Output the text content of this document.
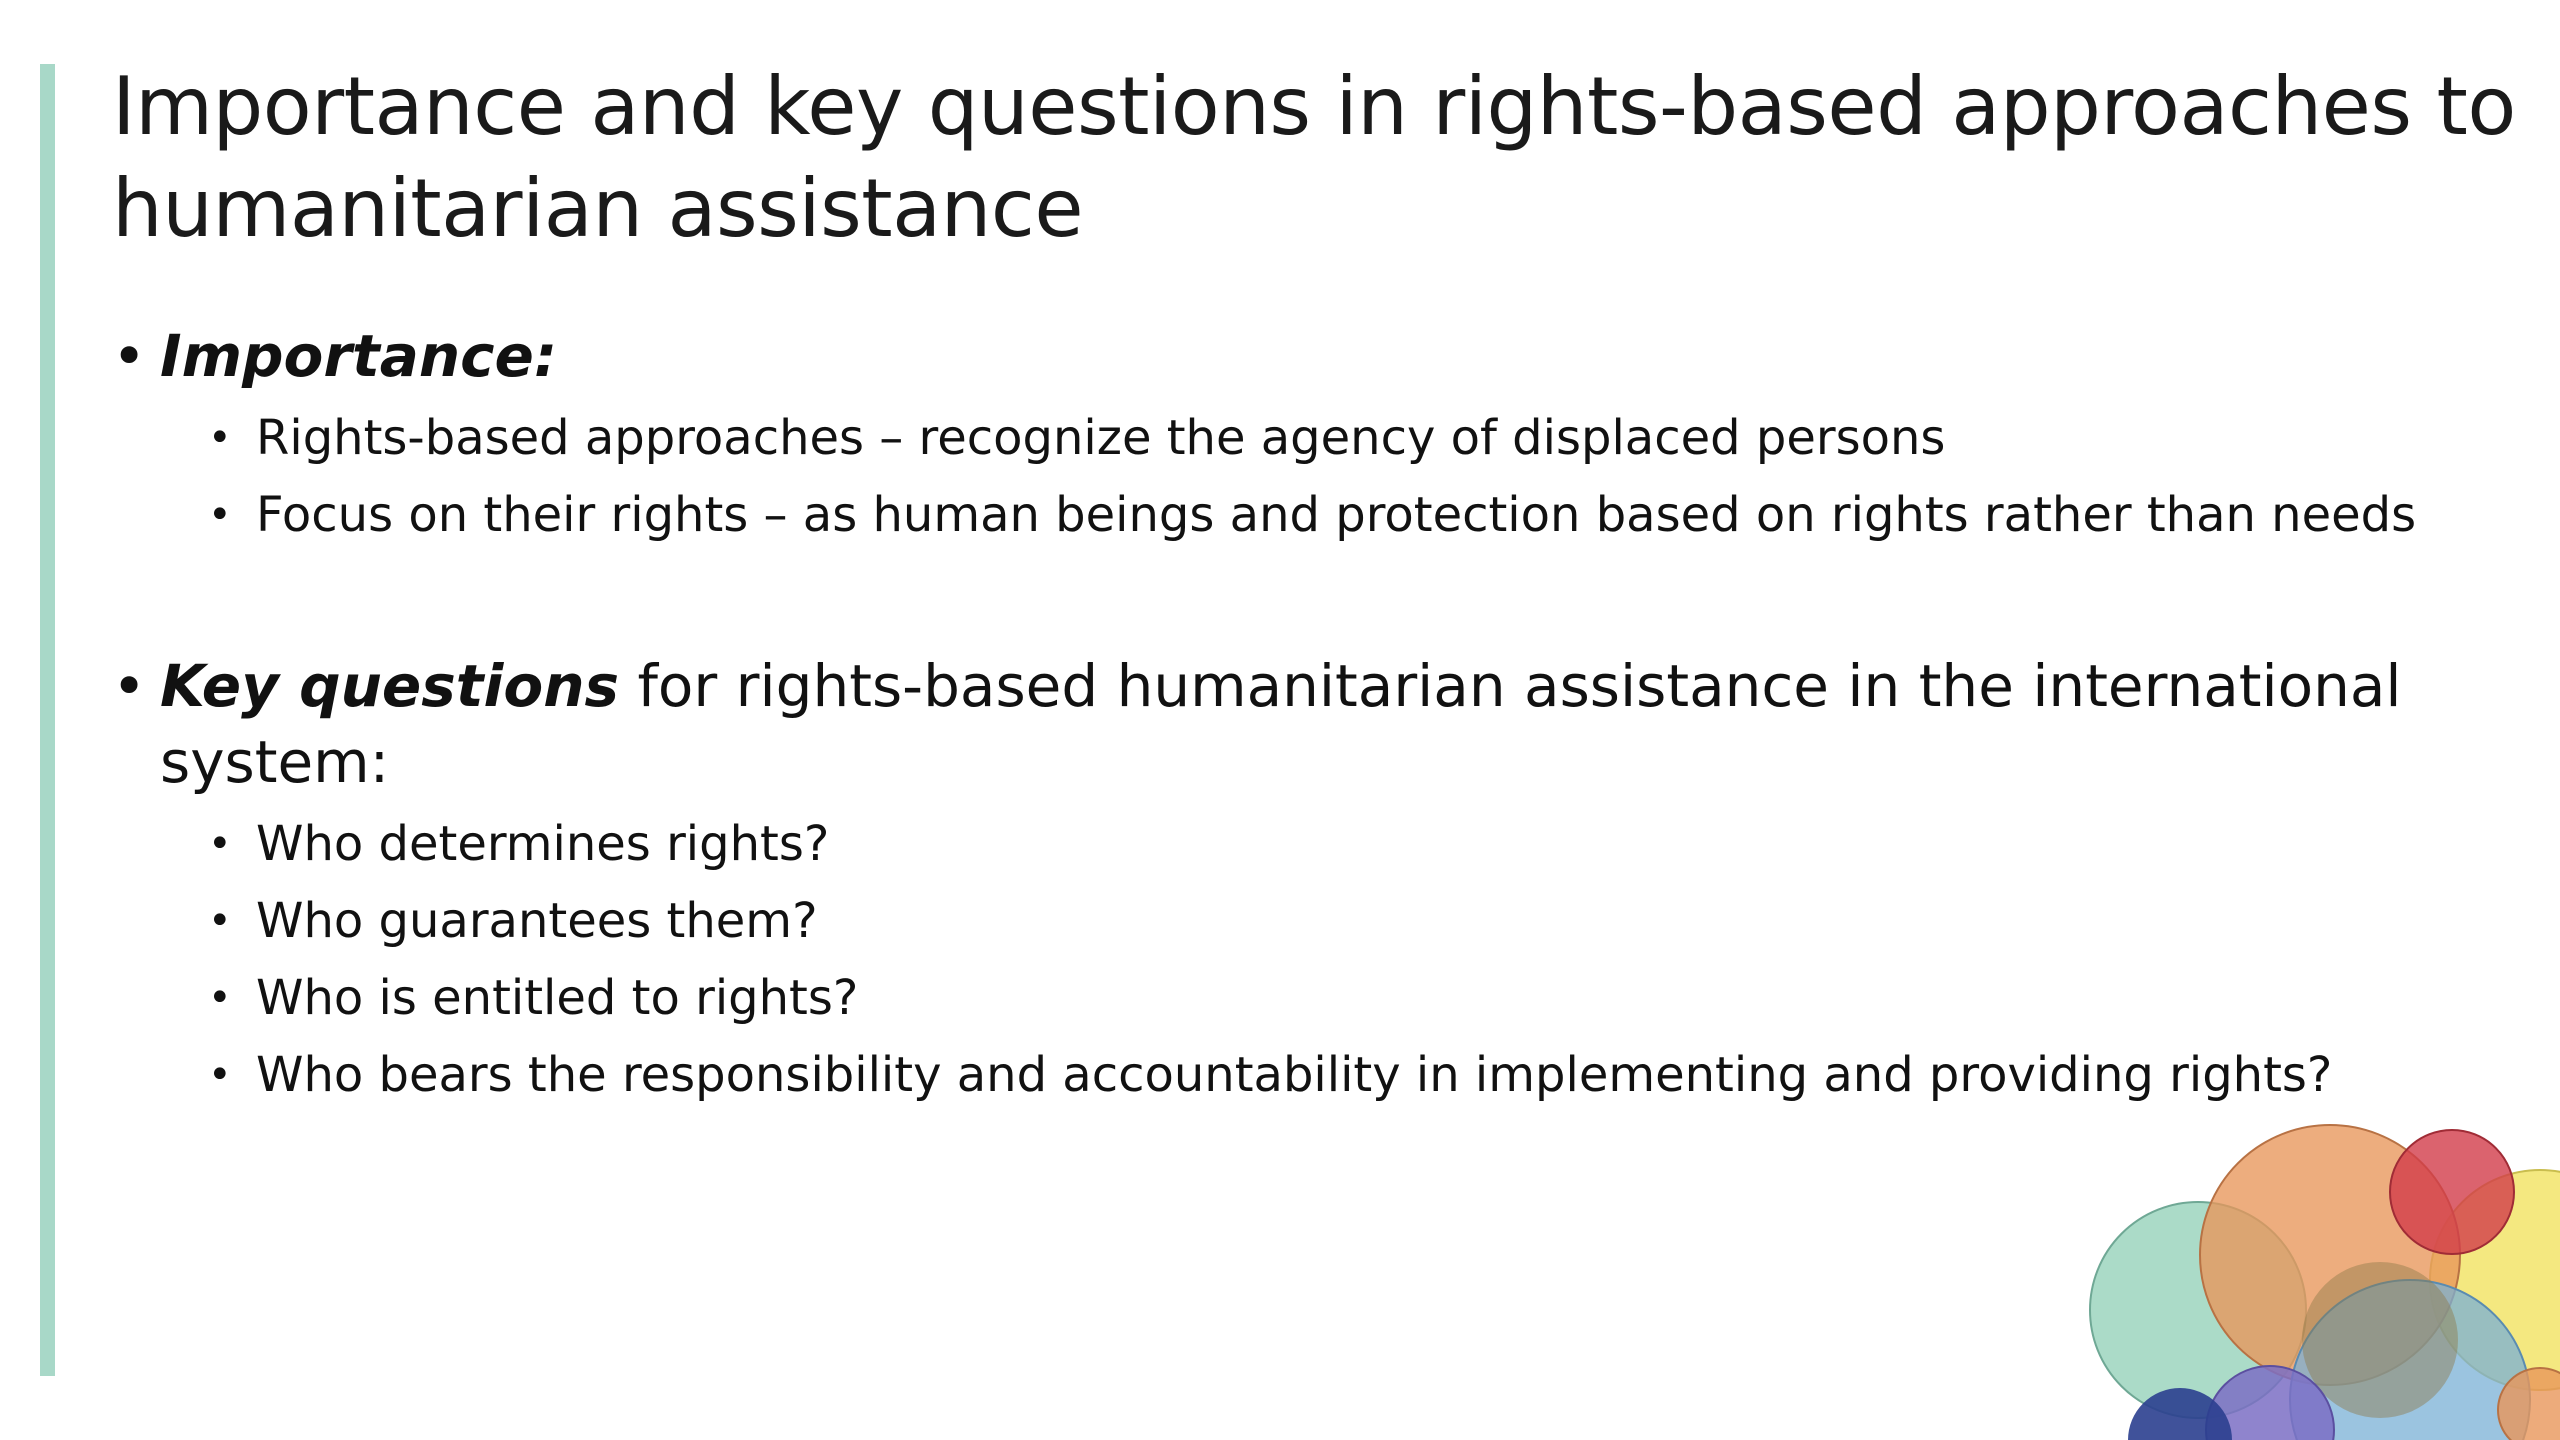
Importance and key questions in rights-based approaches to
humanitarian assistance
• Importance:
• Rights-based approaches – recognize the agency of displaced persons
• Focus on their rights – as human beings and protection based on rights rather than needs
• Key questions for rights-based humanitarian assistance in the international
system:
• Who determines rights?
• Who guarantees them?
• Who is entitled to rights?
• Who bears the responsibility and accountability in implementing and providing rights?
